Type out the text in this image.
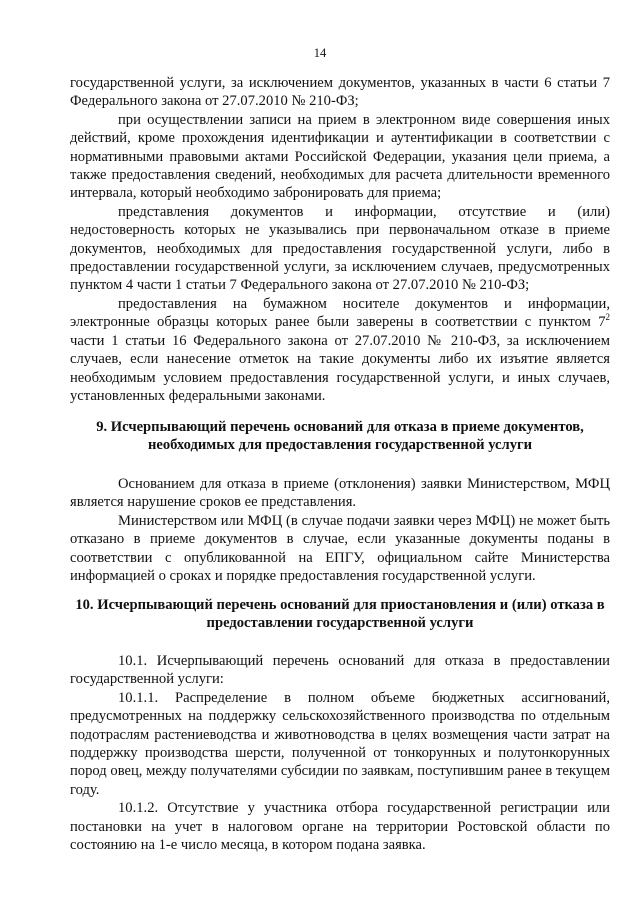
14

государственной услуги, за исключением документов, указанных в части 6 статьи 7 Федерального закона от 27.07.2010 № 210-ФЗ;

при осуществлении записи на прием в электронном виде совершения иных действий, кроме прохождения идентификации и аутентификации в соответствии с нормативными правовыми актами Российской Федерации, указания цели приема, а также предоставления сведений, необходимых для расчета длительности временного интервала, который необходимо забронировать для приема;

представления документов и информации, отсутствие и (или) недостоверность которых не указывались при первоначальном отказе в приеме документов, необходимых для предоставления государственной услуги, либо в предоставлении государственной услуги, за исключением случаев, предусмотренных пунктом 4 части 1 статьи 7 Федерального закона от 27.07.2010 № 210-ФЗ;

предоставления на бумажном носителе документов и информации, электронные образцы которых ранее были заверены в соответствии с пунктом $7^2$ части 1 статьи 16 Федерального закона от 27.07.2010 № 210-ФЗ, за исключением случаев, если нанесение отметок на такие документы либо их изъятие является необходимым условием предоставления государственной услуги, и иных случаев, установленных федеральными законами.

9. Исчерпывающий перечень оснований для отказа в приеме документов, необходимых для предоставления государственной услуги

Основанием для отказа в приеме (отклонения) заявки Министерством, МФЦ является нарушение сроков ее представления.

Министерством или МФЦ (в случае подачи заявки через МФЦ) не может быть отказано в приеме документов в случае, если указанные документы поданы в соответствии с опубликованной на ЕПГУ, официальном сайте Министерства информацией о сроках и порядке предоставления государственной услуги.

10. Исчерпывающий перечень оснований для приостановления и (или) отказа в предоставлении государственной услуги

10.1. Исчерпывающий перечень оснований для отказа в предоставлении государственной услуги:

10.1.1. Распределение в полном объеме бюджетных ассигнований, предусмотренных на поддержку сельскохозяйственного производства по отдельным подотраслям растениеводства и животноводства в целях возмещения части затрат на поддержку производства шерсти, полученной от тонкорунных и полутонкорунных пород овец, между получателями субсидии по заявкам, поступившим ранее в текущем году.

10.1.2. Отсутствие у участника отбора государственной регистрации или постановки на учет в налоговом органе на территории Ростовской области по состоянию на 1-е число месяца, в котором подана заявка.
